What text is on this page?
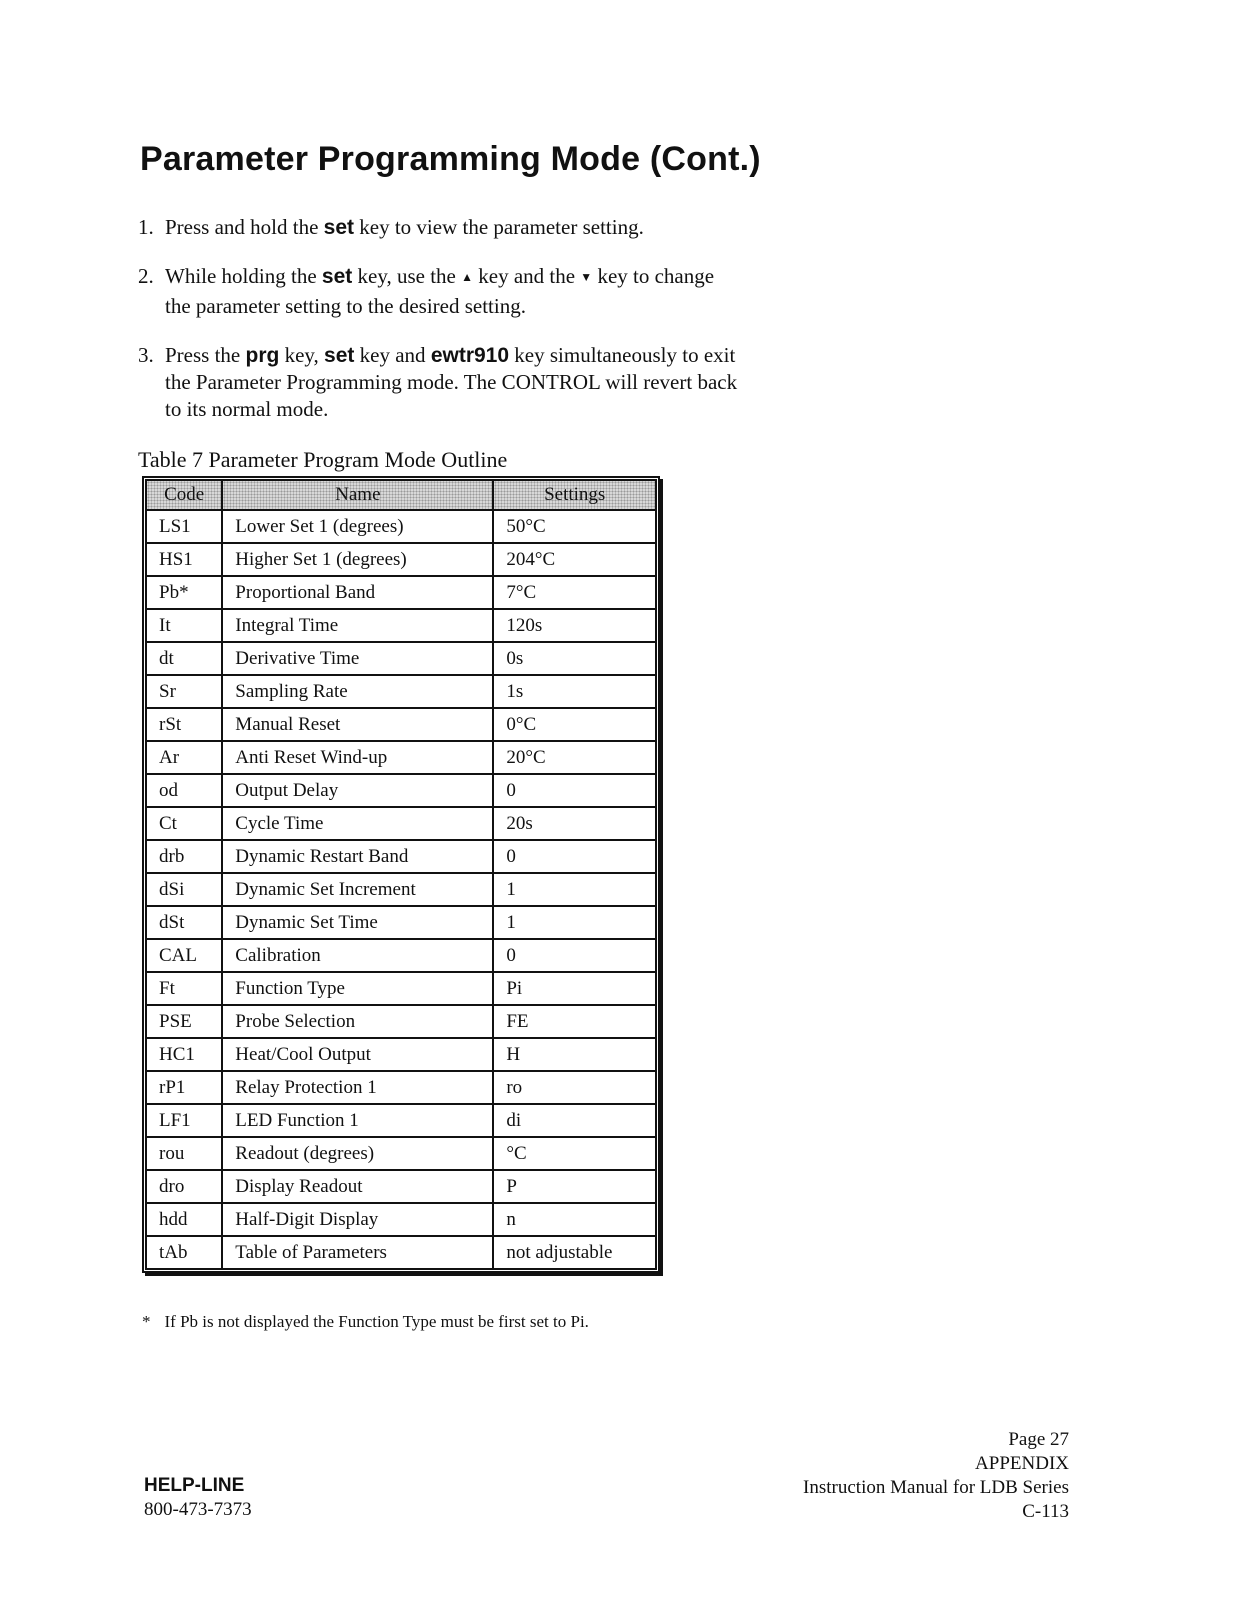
Parameter Programming Mode (Cont.)
1. Press and hold the set key to view the parameter setting.
2. While holding the set key, use the ▲ key and the ▼ key to change the parameter setting to the desired setting.
3. Press the prg key, set key and ewtr910 key simultaneously to exit the Parameter Programming mode. The CONTROL will revert back to its normal mode.
Table 7 Parameter Program Mode Outline
Code	Name	Settings
LS1	Lower Set 1 (degrees)	50°C
HS1	Higher Set 1 (degrees)	204°C
Pb*	Proportional Band	7°C
It	Integral Time	120s
dt	Derivative Time	0s
Sr	Sampling Rate	1s
rSt	Manual Reset	0°C
Ar	Anti Reset Wind-up	20°C
od	Output Delay	0
Ct	Cycle Time	20s
drb	Dynamic Restart Band	0
dSi	Dynamic Set Increment	1
dSt	Dynamic Set Time	1
CAL	Calibration	0
Ft	Function Type	Pi
PSE	Probe Selection	FE
HC1	Heat/Cool Output	H
rP1	Relay Protection 1	ro
LF1	LED Function 1	di
rou	Readout (degrees)	°C
dro	Display Readout	P
hdd	Half-Digit Display	n
tAb	Table of Parameters	not adjustable
* If Pb is not displayed the Function Type must be first set to Pi.
HELP-LINE
800-473-7373
Page 27
APPENDIX
Instruction Manual for LDB Series
C-113
